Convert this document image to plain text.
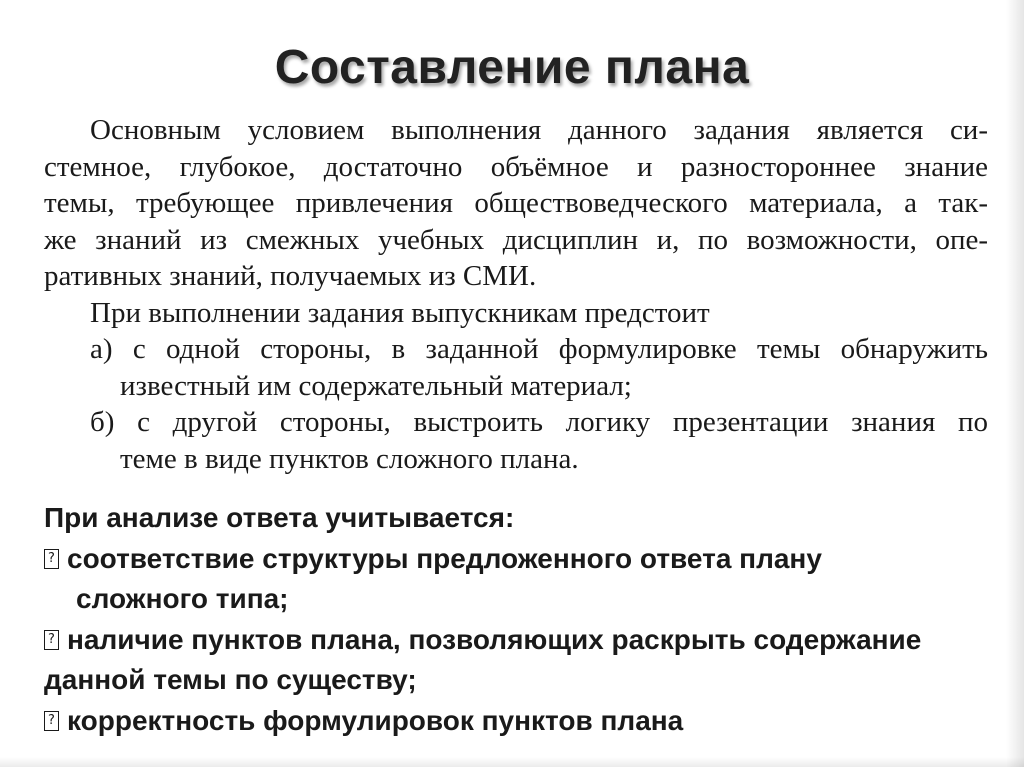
Составление плана
Основным условием выполнения данного задания является си-
стемное, глубокое, достаточно объёмное и разностороннее знание
темы, требующее привлечения обществоведческого материала, а так-
же знаний из смежных учебных дисциплин и, по возможности, опе-
ративных знаний, получаемых из СМИ.
При выполнении задания выпускникам предстоит
а) с одной стороны, в заданной формулировке темы обнаружить
известный им содержательный материал;
б) с другой стороны, выстроить логику презентации знания по
теме в виде пунктов сложного плана.
При анализе ответа учитывается:
? соответствие структуры предложенного ответа плану
сложного типа;
? наличие пунктов плана, позволяющих раскрыть содержание
данной темы по существу;
? корректность формулировок пунктов плана
